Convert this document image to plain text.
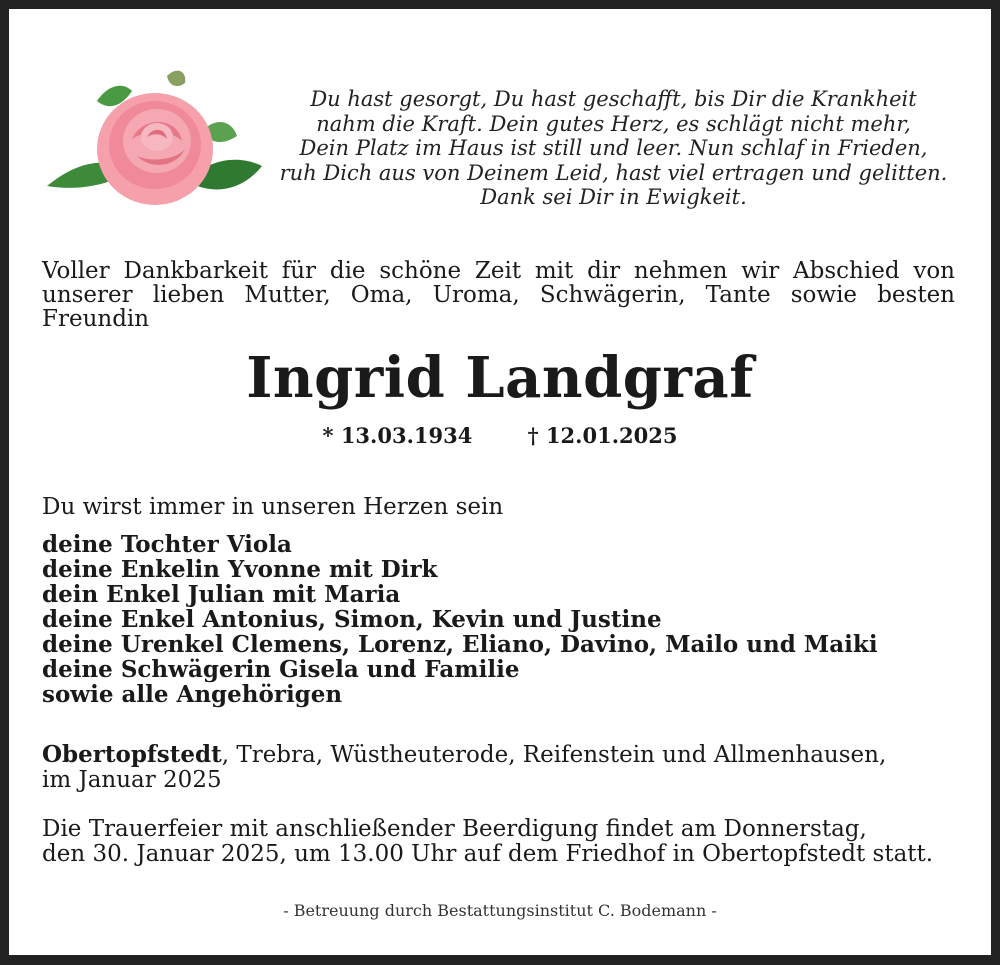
Du hast gesorgt, Du hast geschafft, bis Dir die Krankheit
nahm die Kraft. Dein gutes Herz, es schlägt nicht mehr,
Dein Platz im Haus ist still und leer. Nun schlaf in Frieden,
ruh Dich aus von Deinem Leid, hast viel ertragen und gelitten.
Dank sei Dir in Ewigkeit.
Voller Dankbarkeit für die schöne Zeit mit dir nehmen wir Abschied von unserer lieben Mutter, Oma, Uroma, Schwägerin, Tante sowie besten Freundin
Ingrid Landgraf
* 13.03.1934	† 12.01.2025
Du wirst immer in unseren Herzen sein
deine Tochter Viola
deine Enkelin Yvonne mit Dirk
dein Enkel Julian mit Maria
deine Enkel Antonius, Simon, Kevin und Justine
deine Urenkel Clemens, Lorenz, Eliano, Davino, Mailo und Maiki
deine Schwägerin Gisela und Familie
sowie alle Angehörigen
Obertopfstedt, Trebra, Wüstheuterode, Reifenstein und Allmenhausen,
im Januar 2025
Die Trauerfeier mit anschließender Beerdigung findet am Donnerstag,
den 30. Januar 2025, um 13.00 Uhr auf dem Friedhof in Obertopfstedt statt.
- Betreuung durch Bestattungsinstitut C. Bodemann -
